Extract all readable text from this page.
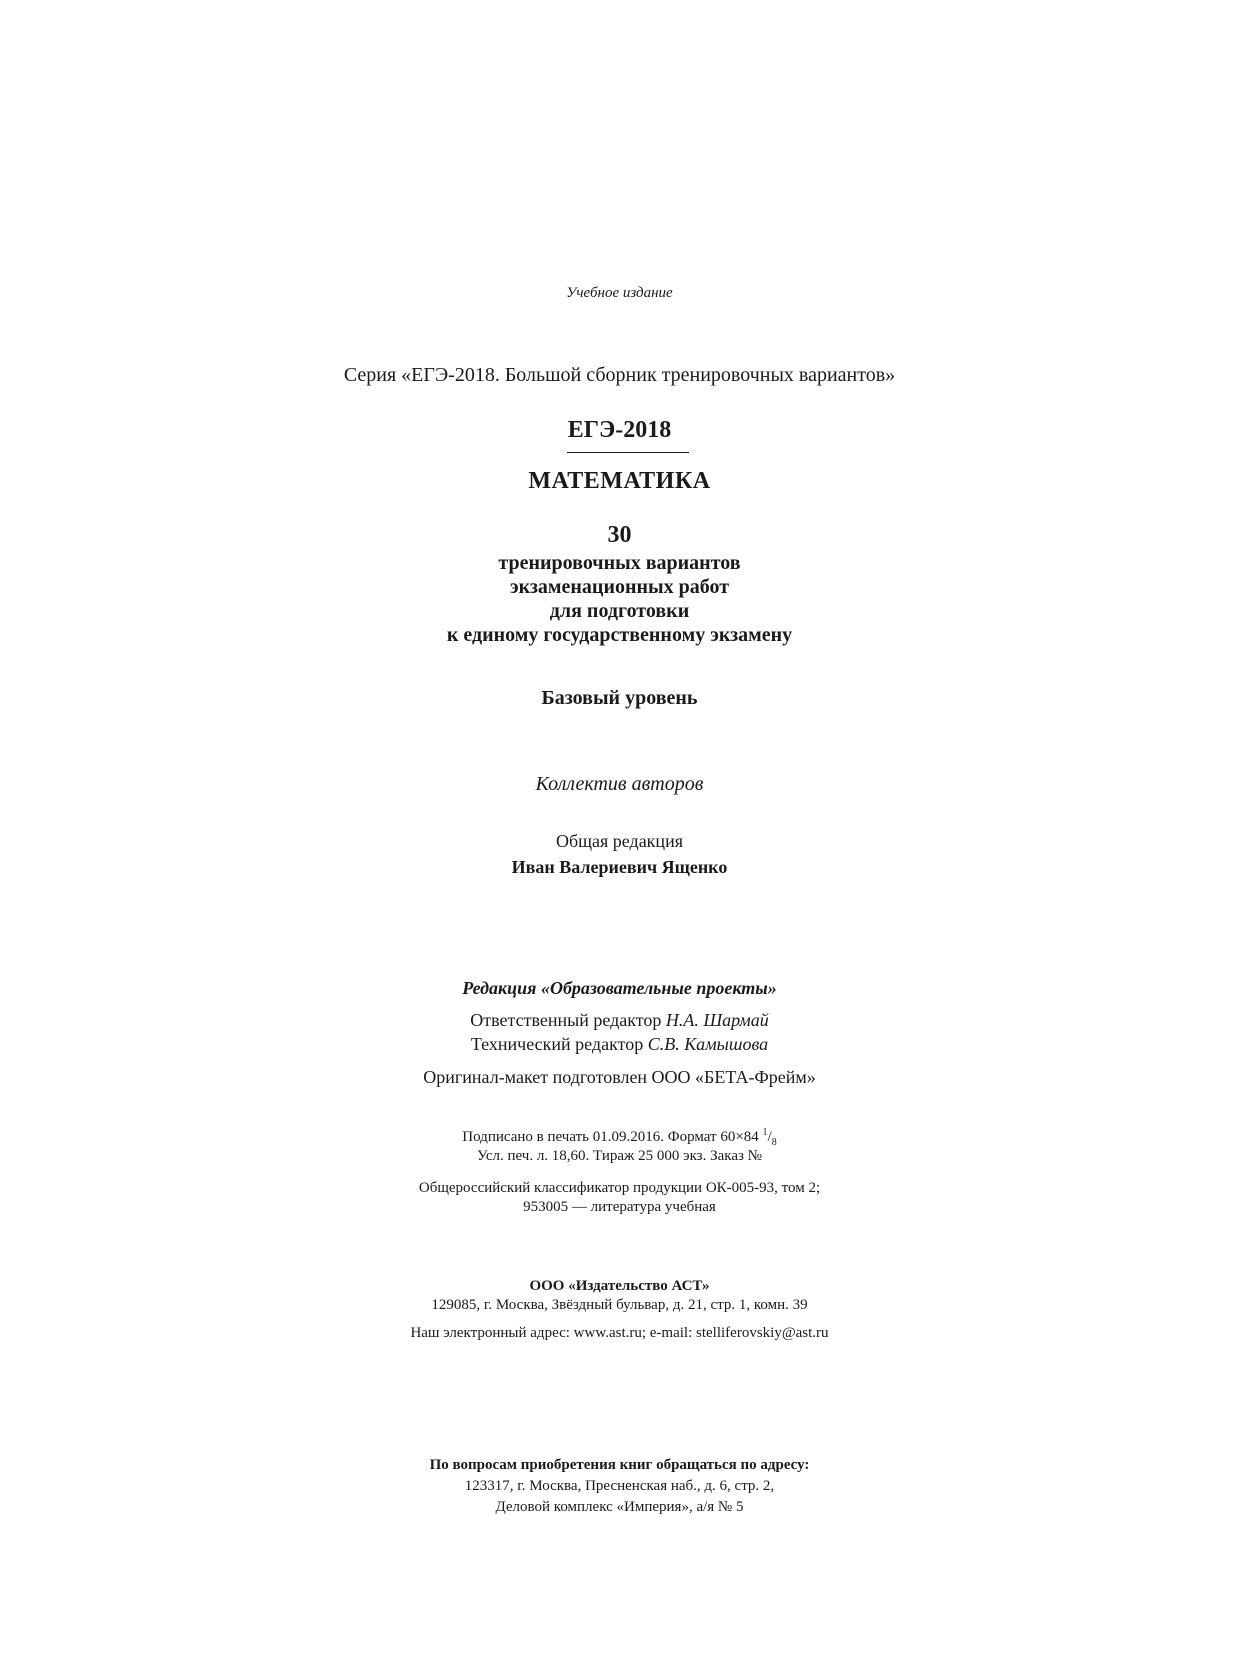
Учебное издание
Серия «ЕГЭ-2018. Большой сборник тренировочных вариантов»
ЕГЭ-2018
МАТЕМАТИКА
30
тренировочных вариантов
экзаменационных работ
для подготовки
к единому государственному экзамену
Базовый уровень
Коллектив авторов
Общая редакция
Иван Валериевич Ященко
Редакция «Образовательные проекты»
Ответственный редактор Н.А. Шармай
Технический редактор С.В. Камышова
Оригинал-макет подготовлен ООО «БЕТА-Фрейм»
Подписано в печать 01.09.2016. Формат 60×84 $^1/_8$
Усл. печ. л. 18,60. Тираж 25 000 экз. Заказ №
Общероссийский классификатор продукции ОК-005-93, том 2;
953005 — литература учебная
ООО «Издательство АСТ»
129085, г. Москва, Звёздный бульвар, д. 21, стр. 1, комн. 39
Наш электронный адрес: www.ast.ru; e-mail: stelliferovskiy@ast.ru
По вопросам приобретения книг обращаться по адресу:
123317, г. Москва, Пресненская наб., д. 6, стр. 2,
Деловой комплекс «Империя», а/я № 5
